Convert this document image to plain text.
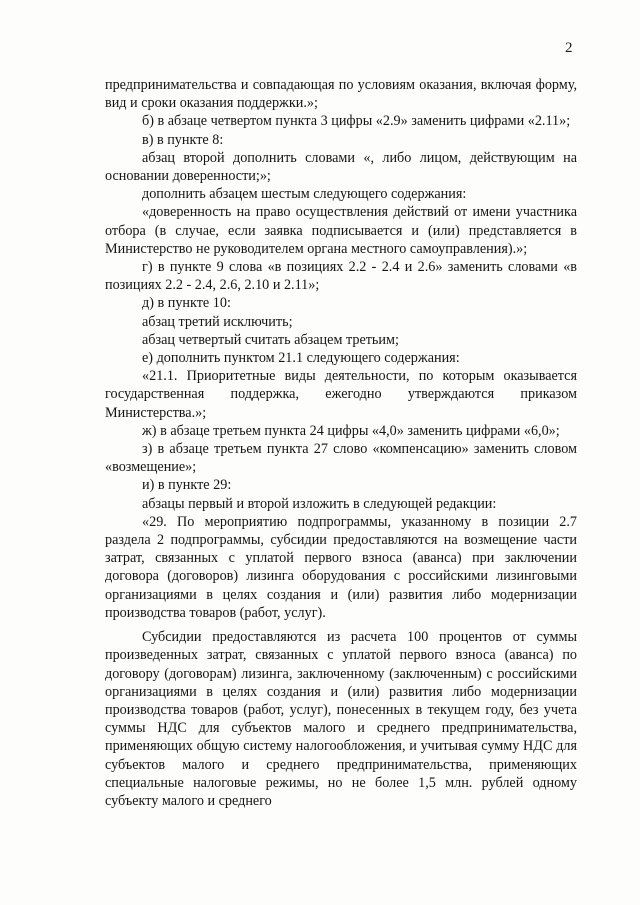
2

предпринимательства и совпадающая по условиям оказания, включая форму, вид и сроки оказания поддержки.»;

б) в абзаце четвертом пункта 3 цифры «2.9» заменить цифрами «2.11»;

в) в пункте 8:

абзац второй дополнить словами «, либо лицом, действующим на основании доверенности;»;

дополнить абзацем шестым следующего содержания:

«доверенность на право осуществления действий от имени участника отбора (в случае, если заявка подписывается и (или) представляется в Министерство не руководителем органа местного самоуправления).»;

г) в пункте 9 слова «в позициях 2.2 - 2.4 и 2.6» заменить словами «в позициях 2.2 - 2.4, 2.6, 2.10 и 2.11»;

д) в пункте 10:

абзац третий исключить;

абзац четвертый считать абзацем третьим;

е) дополнить пунктом 21.1 следующего содержания:

«21.1. Приоритетные виды деятельности, по которым оказывается государственная поддержка, ежегодно утверждаются приказом Министерства.»;

ж) в абзаце третьем пункта 24 цифры «4,0» заменить цифрами «6,0»;

з) в абзаце третьем пункта 27 слово «компенсацию» заменить словом «возмещение»;

и) в пункте 29:

абзацы первый и второй изложить в следующей редакции:

«29. По мероприятию подпрограммы, указанному в позиции 2.7 раздела 2 подпрограммы, субсидии предоставляются на возмещение части затрат, связанных с уплатой первого взноса (аванса) при заключении договора (договоров) лизинга оборудования с российскими лизинговыми организациями в целях создания и (или) развития либо модернизации производства товаров (работ, услуг).

Субсидии предоставляются из расчета 100 процентов от суммы произведенных затрат, связанных с уплатой первого взноса (аванса) по договору (договорам) лизинга, заключенному (заключенным) с российскими организациями в целях создания и (или) развития либо модернизации производства товаров (работ, услуг), понесенных в текущем году, без учета суммы НДС для субъектов малого и среднего предпринимательства, применяющих общую систему налогообложения, и учитывая сумму НДС для субъектов малого и среднего предпринимательства, применяющих специальные налоговые режимы, но не более 1,5 млн. рублей одному субъекту малого и среднего
